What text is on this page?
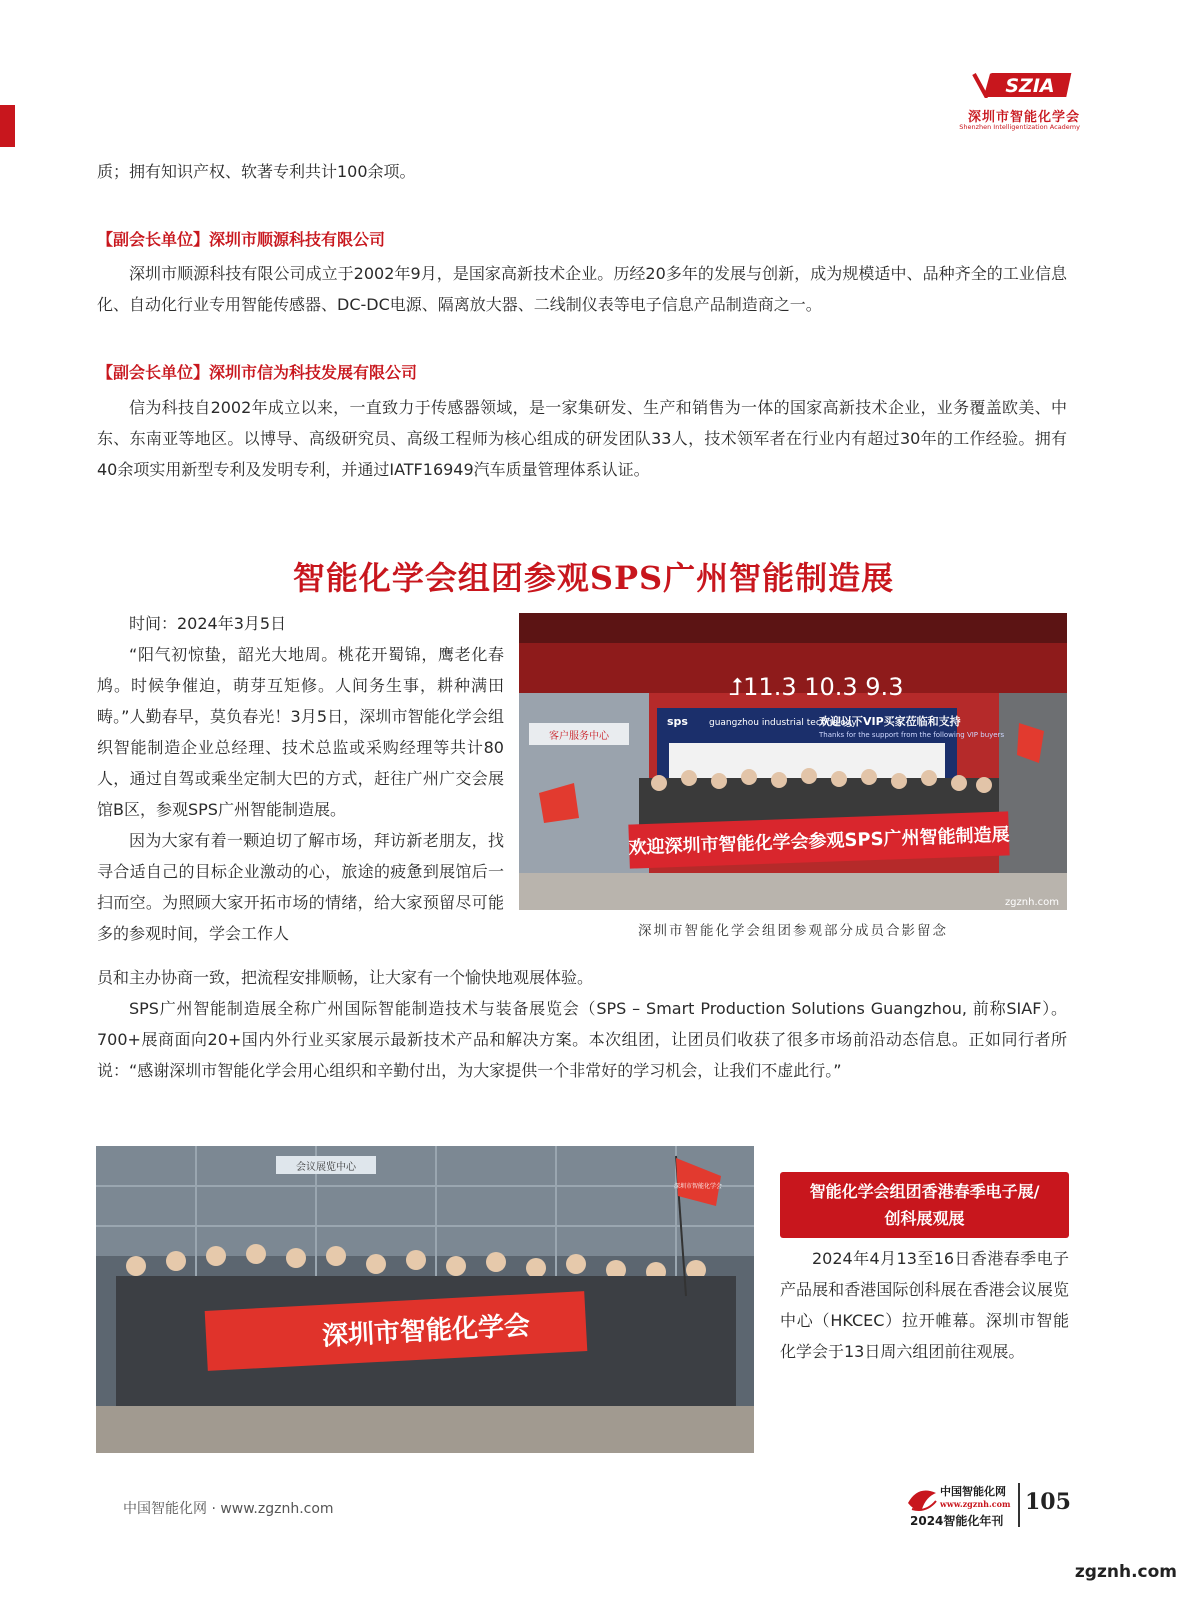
SZIA
深圳市智能化学会
Shenzhen Intelligentization Academy

质；拥有知识产权、软著专利共计100余项。

【副会长单位】深圳市顺源科技有限公司

深圳市顺源科技有限公司成立于2002年9月，是国家高新技术企业。历经20多年的发展与创新，成为规模适中、品种齐全的工业信息化、自动化行业专用智能传感器、DC-DC电源、隔离放大器、二线制仪表等电子信息产品制造商之一。

【副会长单位】深圳市信为科技发展有限公司

信为科技自2002年成立以来，一直致力于传感器领域，是一家集研发、生产和销售为一体的国家高新技术企业，业务覆盖欧美、中东、东南亚等地区。以博导、高级研究员、高级工程师为核心组成的研发团队33人，技术领军者在行业内有超过30年的工作经验。拥有40余项实用新型专利及发明专利，并通过IATF16949汽车质量管理体系认证。

智能化学会组团参观SPS广州智能制造展

时间：2024年3月5日

“阳气初惊蛰，韶光大地周。桃花开蜀锦，鹰老化春鸠。时候争催迫，萌芽互矩修。人间务生事，耕种满田畴。”人勤春早，莫负春光！3月5日，深圳市智能化学会组织智能制造企业总经理、技术总监或采购经理等共计80人，通过自驾或乘坐定制大巴的方式，赶往广州广交会展馆B区，参观SPS广州智能制造展。

因为大家有着一颗迫切了解市场，拜访新老朋友，找寻合适自己的目标企业激动的心，旅途的疲惫到展馆后一扫而空。为照顾大家开拓市场的情绪，给大家预留尽可能多的参观时间，学会工作人

员和主办协商一致，把流程安排顺畅，让大家有一个愉快地观展体验。

SPS广州智能制造展全称广州国际智能制造技术与装备展览会（SPS – Smart Production Solutions Guangzhou, 前称SIAF）。700+展商面向20+国内外行业买家展示最新技术产品和解决方案。本次组团，让团员们收获了很多市场前沿动态信息。正如同行者所说：“感谢深圳市智能化学会用心组织和辛勤付出，为大家提供一个非常好的学习机会，让我们不虚此行。”

客户服务中心
⮥11.3 10.3 9.3
sps guangzhou industrial technology
欢迎以下VIP买家莅临和支持
Thanks for the support from the following VIP buyers
欢迎深圳市智能化学会参观SPS广州智能制造展
zgznh.com
深圳市智能化学会组团参观部分成员合影留念
会议展览中心
深圳市智能化学会
深圳市智能化学会	智能化学会组团香港春季电子展/
创科展观展

2024年4月13至16日香港春季电子产品展和香港国际创科展在香港会议展览中心（HKCEC）拉开帷幕。深圳市智能化学会于13日周六组团前往观展。

中国智能化网 · www.zgznh.com
中国智能化网
www.zgznh.com
2024智能化年刊
105
zgznh.com
